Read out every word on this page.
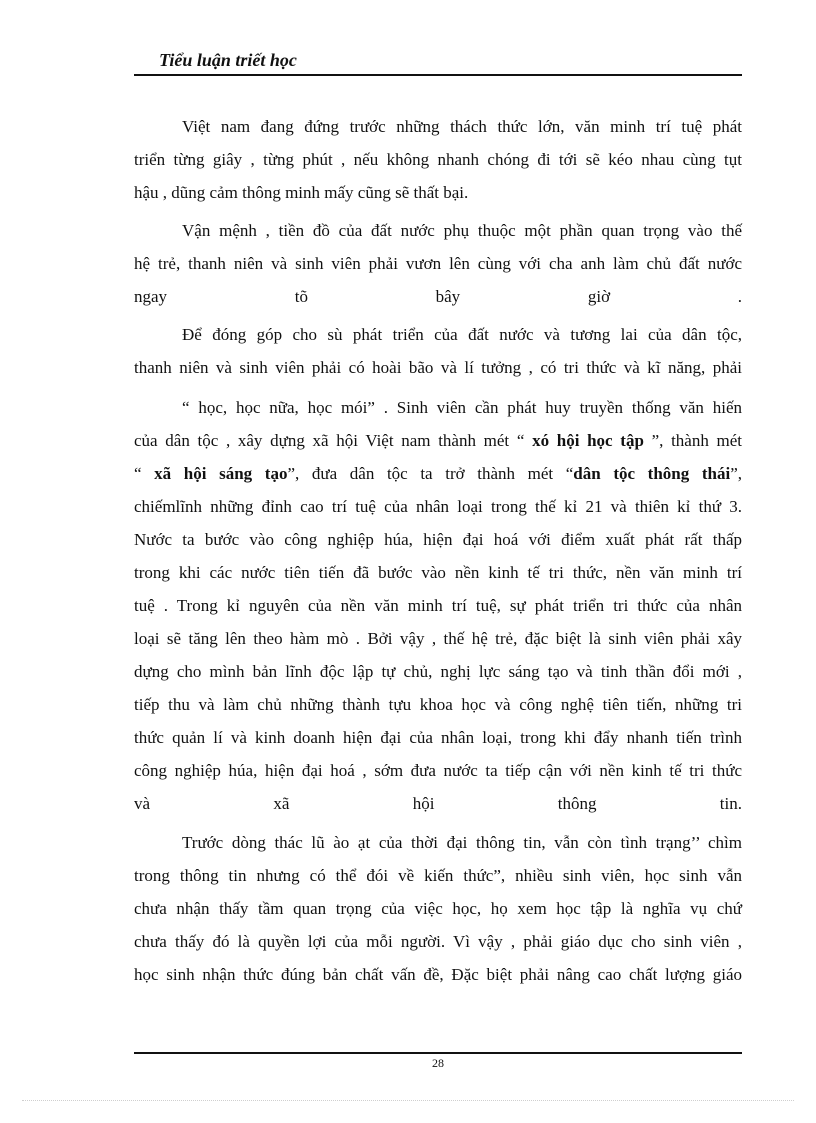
Tiểu luận triết học
Việt nam đang đứng trước những thách thức lớn, văn minh trí tuệ phát
triển từng giây , từng phút , nếu không nhanh chóng đi tới sẽ kéo nhau cùng tụt
hậu , dũng cảm thông minh mấy cũng sẽ thất bại.
Vận mệnh , tiền đồ của đất nước phụ thuộc một phần quan trọng vào thế
hệ trẻ, thanh niên và sinh viên phải vươn lên cùng với cha anh làm chủ đất nước
ngay	tõ	bây	giờ	.
Để đóng góp cho sù phát triển của đất nước và tương lai của dân tộc,
thanh niên và sinh viên phải có hoài bão và lí tưởng , có tri thức và kĩ năng, phải
“ học, học nữa, học mói” . Sinh viên cần phát huy truyền thống văn hiến
của dân tộc , xây dựng xã hội Việt nam thành mét “ xó hội học tập ”, thành mét
“ xã hội sáng tạo”, đưa dân tộc ta trở thành mét “dân tộc thông thái”,
chiếmlĩnh những đỉnh cao trí tuệ của nhân loại trong thế kỉ 21 và thiên kỉ thứ 3.
Nước ta bước vào công nghiệp húa, hiện đại hoá với điểm xuất phát rất thấp
trong khi các nước tiên tiến đã bước vào nền kinh tế tri thức, nền văn minh trí
tuệ . Trong kỉ nguyên của nền văn minh trí tuệ, sự phát triển tri thức của nhân
loại sẽ tăng lên theo hàm mò . Bởi vậy , thế hệ trẻ, đặc biệt là sinh viên phải xây
dựng cho mình bản lĩnh độc lập tự chủ, nghị lực sáng tạo và tinh thần đổi mới ,
tiếp thu và làm chủ những thành tựu khoa học và công nghệ tiên tiến, những tri
thức quản lí và kinh doanh hiện đại của nhân loại, trong khi đẩy nhanh tiến trình
công nghiệp húa, hiện đại hoá , sớm đưa nước ta tiếp cận với nền kinh tế tri thức
và	xã	hội	thông	tin.
Trước dòng thác lũ ào ạt của thời đại thông tin, vẫn còn tình trạng’’ chìm
trong thông tin nhưng có thể đói về kiến thức”, nhiều sinh viên, học sinh vẫn
chưa nhận thấy tầm quan trọng của việc học, họ xem học tập là nghĩa vụ chứ
chưa thấy đó là quyền lợi của mỗi người. Vì vậy , phải giáo dục cho sinh viên ,
học sinh nhận thức đúng bản chất vấn đề, Đặc biệt phải nâng cao chất lượng giáo
28
